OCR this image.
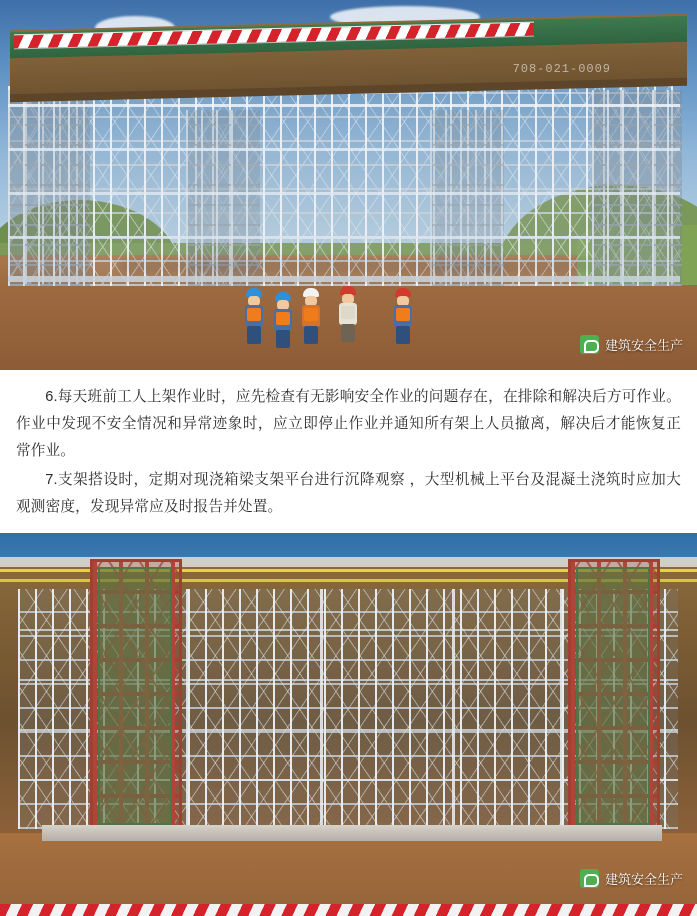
708-021-0009
建筑安全生产

6.每天班前工人上架作业时，应先检查有无影响安全作业的问题存在，在排除和解决后方可作业。作业中发现不安全情况和异常迹象时，应立即停止作业并通知所有架上人员撤离，解决后才能恢复正常作业。

7.支架搭设时，定期对现浇箱梁支架平台进行沉降观察 ，大型机械上平台及混凝土浇筑时应加大观测密度，发现异常应及时报告并处置。

建筑安全生产
